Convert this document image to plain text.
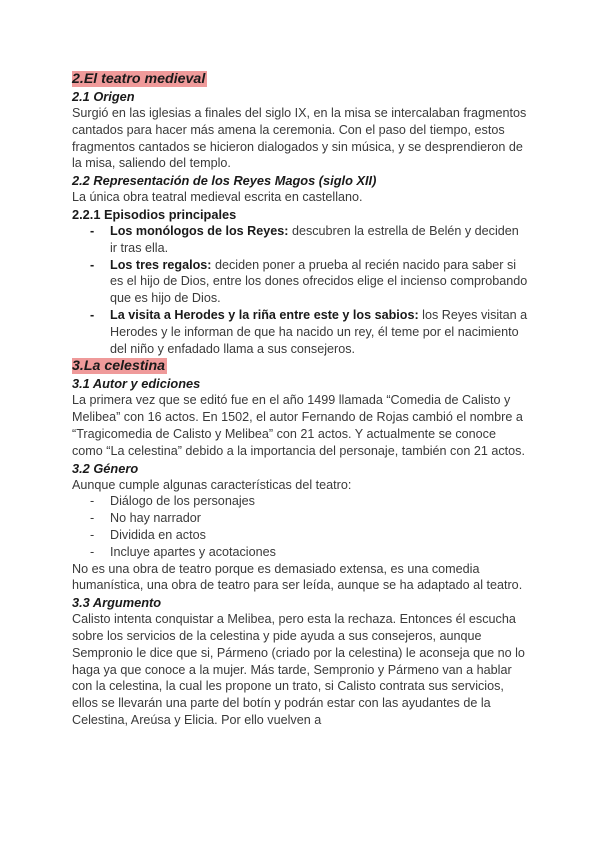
2.El teatro medieval
2.1 Origen

Surgió en las iglesias a finales del siglo IX, en la misa se intercalaban fragmentos cantados para hacer más amena la ceremonia. Con el paso del tiempo, estos fragmentos cantados se hicieron dialogados y sin música, y se desprendieron de la misa, saliendo del templo.

2.2 Representación de los Reyes Magos (siglo XII)

La única obra teatral medieval escrita en castellano.

2.2.1 Episodios principales
- Los monólogos de los Reyes: descubren la estrella de Belén y deciden ir tras ella.
- Los tres regalos: deciden poner a prueba al recién nacido para saber si es el hijo de Dios, entre los dones ofrecidos elige el incienso comprobando que es hijo de Dios.
- La visita a Herodes y la riña entre este y los sabios: los Reyes visitan a Herodes y le informan de que ha nacido un rey, él teme por el nacimiento del niño y enfadado llama a sus consejeros.
3.La celestina
3.1 Autor y ediciones

La primera vez que se editó fue en el año 1499 llamada “Comedia de Calisto y Melibea” con 16 actos. En 1502, el autor Fernando de Rojas cambió el nombre a “Tragicomedia de Calisto y Melibea” con 21 actos. Y actualmente se conoce como “La celestina” debido a la importancia del personaje, también con 21 actos.

3.2 Género

Aunque cumple algunas características del teatro:

- Diálogo de los personajes
- No hay narrador
- Dividida en actos
- Incluye apartes y acotaciones

No es una obra de teatro porque es demasiado extensa, es una comedia humanística, una obra de teatro para ser leída, aunque se ha adaptado al teatro.

3.3 Argumento

Calisto intenta conquistar a Melibea, pero esta la rechaza. Entonces él escucha sobre los servicios de la celestina y pide ayuda a sus consejeros, aunque Sempronio le dice que si, Pármeno (criado por la celestina) le aconseja que no lo haga ya que conoce a la mujer. Más tarde, Sempronio y Pármeno van a hablar con la celestina, la cual les propone un trato, si Calisto contrata sus servicios, ellos se llevarán una parte del botín y podrán estar con las ayudantes de la Celestina, Areúsa y Elicia. Por ello vuelven a
